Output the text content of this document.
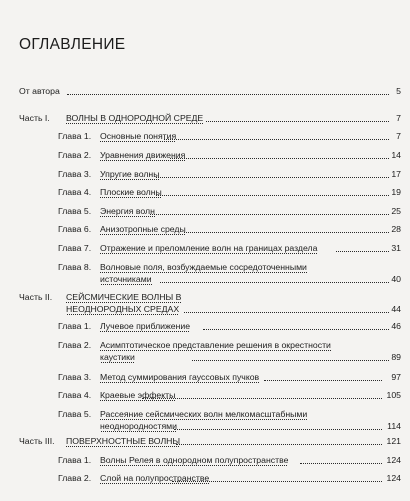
ОГЛАВЛЕНИЕ
От автора	5
Часть I. ВОЛНЫ В ОДНОРОДНОЙ СРЕДЕ	7
Глава 1. Основные понятия	7
Глава 2. Уравнения движения	14
Глава 3. Упругие волны	17
Глава 4. Плоские волны	19
Глава 5. Энергия волн	25
Глава 6. Анизотропные среды	28
Глава 7. Отражение и преломление волн на границах раздела	31
Глава 8. Волновые поля, возбуждаемые сосредоточенными источниками	40
Часть II. СЕЙСМИЧЕСКИЕ ВОЛНЫ В НЕОДНОРОДНЫХ СРЕДАХ	44
Глава 1. Лучевое приближение	46
Глава 2. Асимптотическое представление решения в окрестности каустики	89
Глава 3. Метод суммирования гауссовых пучков	97
Глава 4. Краевые эффекты	105
Глава 5. Рассеяние сейсмических волн мелкомасштабными неоднородностями	114
Часть III. ПОВЕРХНОСТНЫЕ ВОЛНЫ	121
Глава 1. Волны Релея в однородном полупространстве	124
Глава 2. Слой на полупространстве	124
